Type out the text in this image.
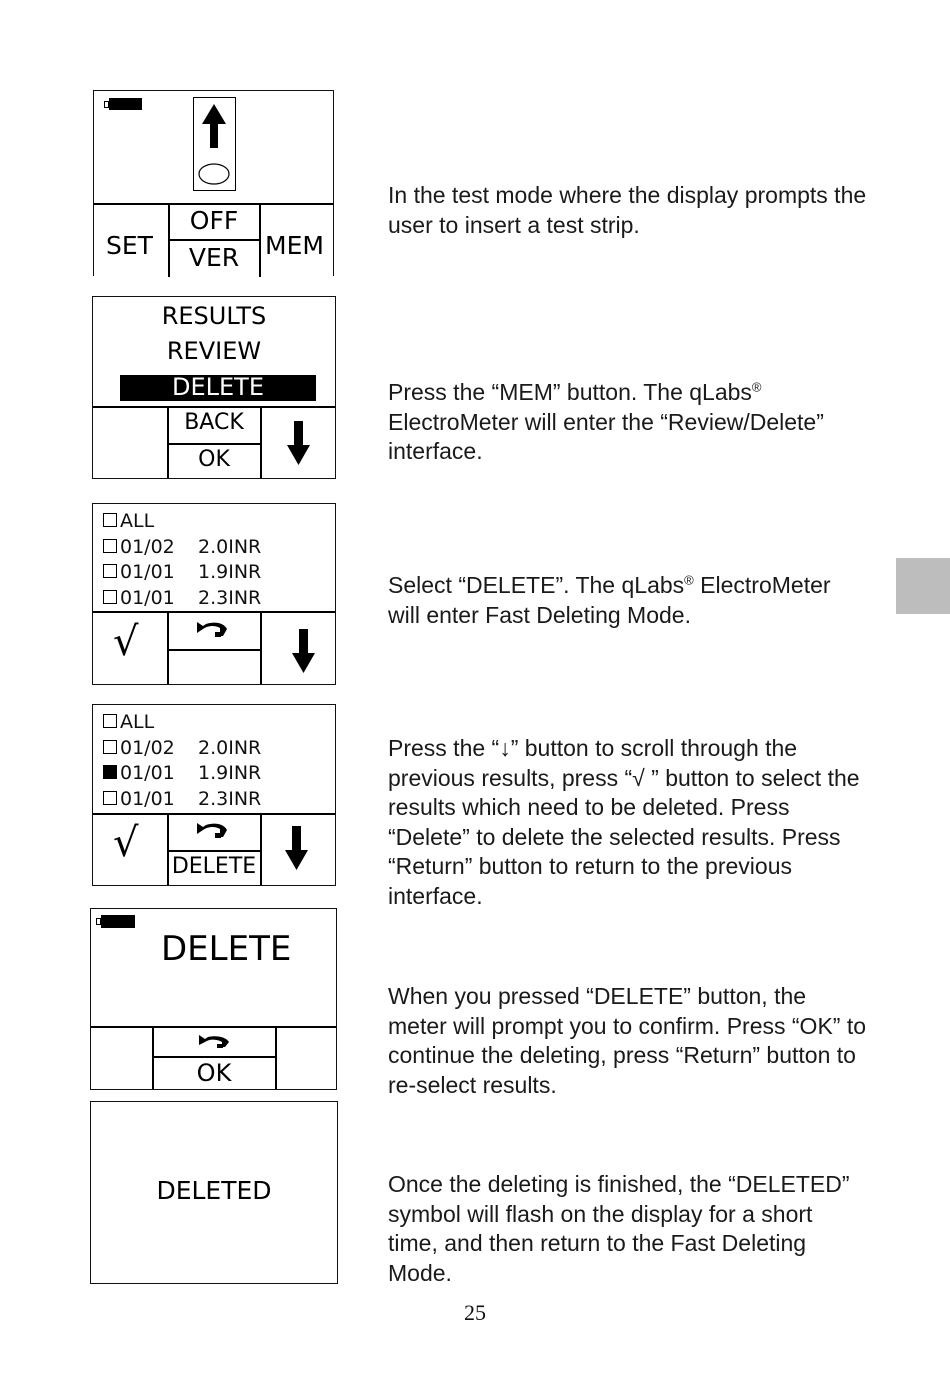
SET
OFF
VER	MEM
In the test mode where the display prompts the user to insert a test strip.
RESULTS
REVIEW
DELETE
BACK
OK
Press the “MEM” button. The qLabs® ElectroMeter will enter the “Review/Delete” interface.
ALL
01/02	2.0INR
01/01	1.9INR
01/01	2.3INR
√
Select “DELETE”. The qLabs® ElectroMeter will enter Fast Deleting Mode.
ALL
01/02	2.0INR
01/01	1.9INR
01/01	2.3INR
√
DELETE
Press the “↓” button to scroll through the previous results, press “√ ” button to select the results which need to be deleted. Press “Delete” to delete the selected results. Press “Return” button to return to the previous interface.
DELETE
OK
When you pressed “DELETE” button, the meter will prompt you to confirm. Press “OK” to continue the deleting, press “Return” button to re-select results.
DELETED	Once the deleting is finished, the “DELETED” symbol will flash on the display for a short time, and then return to the Fast Deleting Mode.
25
